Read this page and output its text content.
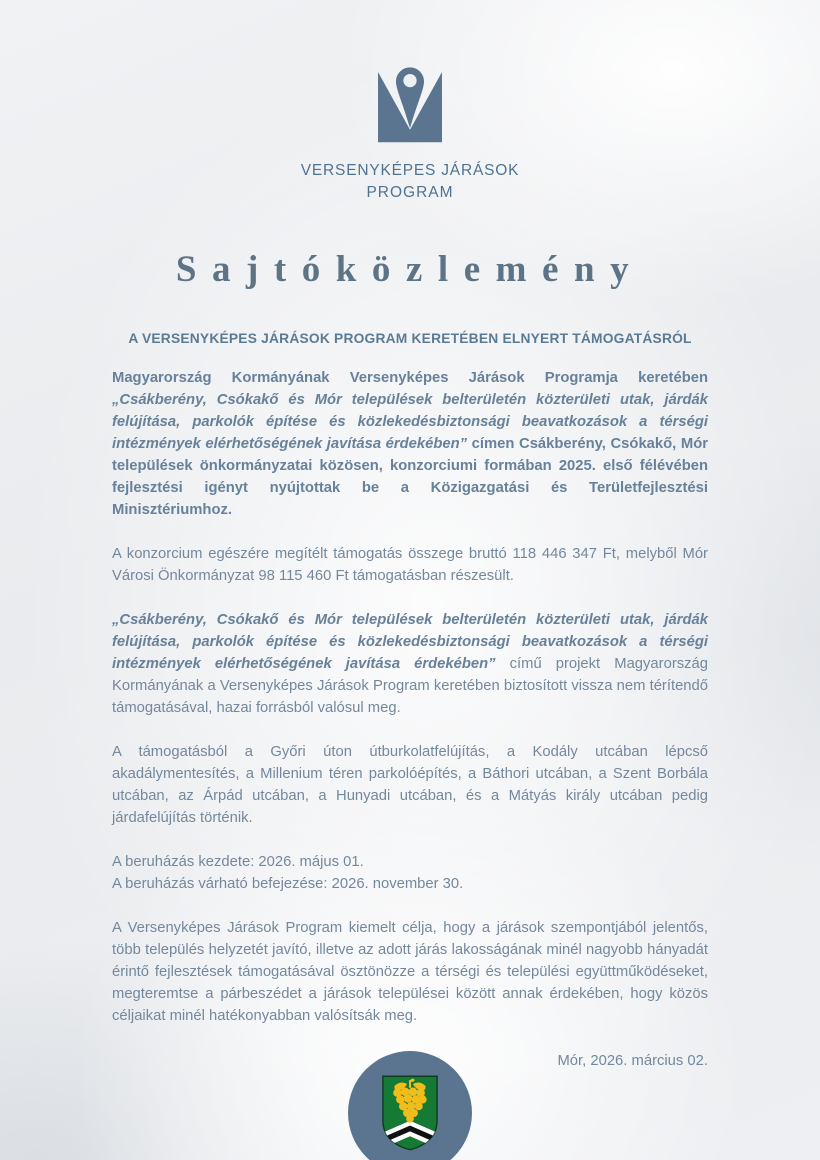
VERSENYKÉPES JÁRÁSOK
PROGRAM
Sajtóközlemény
A VERSENYKÉPES JÁRÁSOK PROGRAM KERETÉBEN ELNYERT TÁMOGATÁSRÓL

Magyarország Kormányának Versenyképes Járások Programja keretében „Csákberény, Csókakő és Mór települések belterületén közterületi utak, járdák felújítása, parkolók építése és közlekedésbiztonsági beavatkozások a térségi intézmények elérhetőségének javítása érdekében” címen Csákberény, Csókakő, Mór települések önkormányzatai közösen, konzorciumi formában 2025. első félévében fejlesztési igényt nyújtottak be a Közigazgatási és Területfejlesztési Minisztériumhoz.

A konzorcium egészére megítélt támogatás összege bruttó 118 446 347 Ft, melyből Mór Városi Önkormányzat 98 115 460 Ft támogatásban részesült.

„Csákberény, Csókakő és Mór települések belterületén közterületi utak, járdák felújítása, parkolók építése és közlekedésbiztonsági beavatkozások a térségi intézmények elérhetőségének javítása érdekében” című projekt Magyarország Kormányának a Versenyképes Járások Program keretében biztosított vissza nem térítendő támogatásával, hazai forrásból valósul meg.

A támogatásból a Győri úton útburkolatfelújítás, a Kodály utcában lépcső akadálymentesítés, a Millenium téren parkolóépítés, a Báthori utcában, a Szent Borbála utcában, az Árpád utcában, a Hunyadi utcában, és a Mátyás király utcában pedig járdafelújítás történik.

A beruházás kezdete: 2026. május 01.
A beruházás várható befejezése: 2026. november 30.

A Versenyképes Járások Program kiemelt célja, hogy a járások szempontjából jelentős, több település helyzetét javító, illetve az adott járás lakosságának minél nagyobb hányadát érintő fejlesztések támogatásával ösztönözze a térségi és települési együttműködéseket, megteremtse a párbeszédet a járások települései között annak érdekében, hogy közös céljaikat minél hatékonyabban valósítsák meg.

Mór, 2026. március 02.
